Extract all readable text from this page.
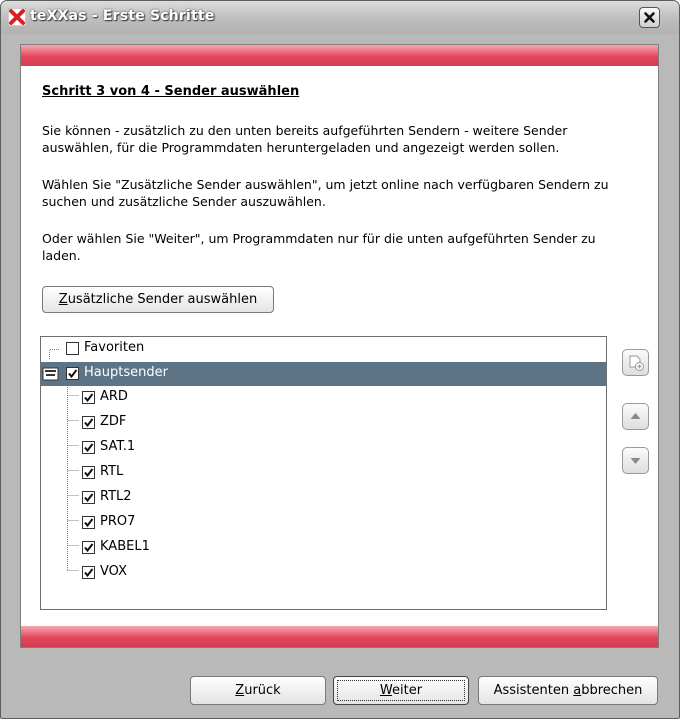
teXXas - Erste Schritte
Schritt 3 von 4 - Sender auswählen
Sie können - zusätzlich zu den unten bereits aufgeführten Sendern - weitere Sender
auswählen, für die Programmdaten heruntergeladen und angezeigt werden sollen.
Wählen Sie "Zusätzliche Sender auswählen", um jetzt online nach verfügbaren Sendern zu
suchen und zusätzliche Sender auszuwählen.
Oder wählen Sie "Weiter", um Programmdaten nur für die unten aufgeführten Sender zu
laden.
Zusätzliche Sender auswählen
Favoriten
Hauptsender
ARD
ZDF
SAT.1
RTL
RTL2
PRO7
KABEL1
VOX
Zurück	Weiter	Assistenten abbrechen
